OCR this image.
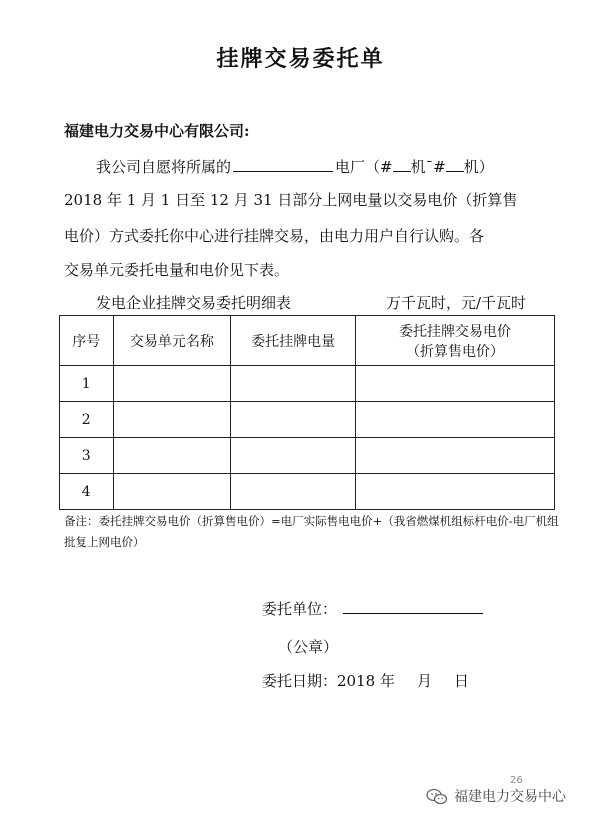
挂牌交易委托单
福建电力交易中心有限公司:
我公司自愿将所属的	电厂（# 机¯# 机）
2018 年 1 月 1 日至 12 月 31 日部分上网电量以交易电价（折算售
电价）方式委托你中心进行挂牌交易，由电力用户自行认购。各
交易单元委托电量和电价见下表。
发电企业挂牌交易委托明细表	万千瓦时，元/千瓦时
序号	交易单元名称	委托挂牌电量	委托挂牌交易电价
（折算售电价）

1			
2			
3			
4			
备注：委托挂牌交易电价（折算售电价）=电厂实际售电电价+（我省燃煤机组标杆电价-电厂机组批复上网电价）
委托单位：
（公章）
委托日期：2018 年 月 日
26
福建电力交易中心
